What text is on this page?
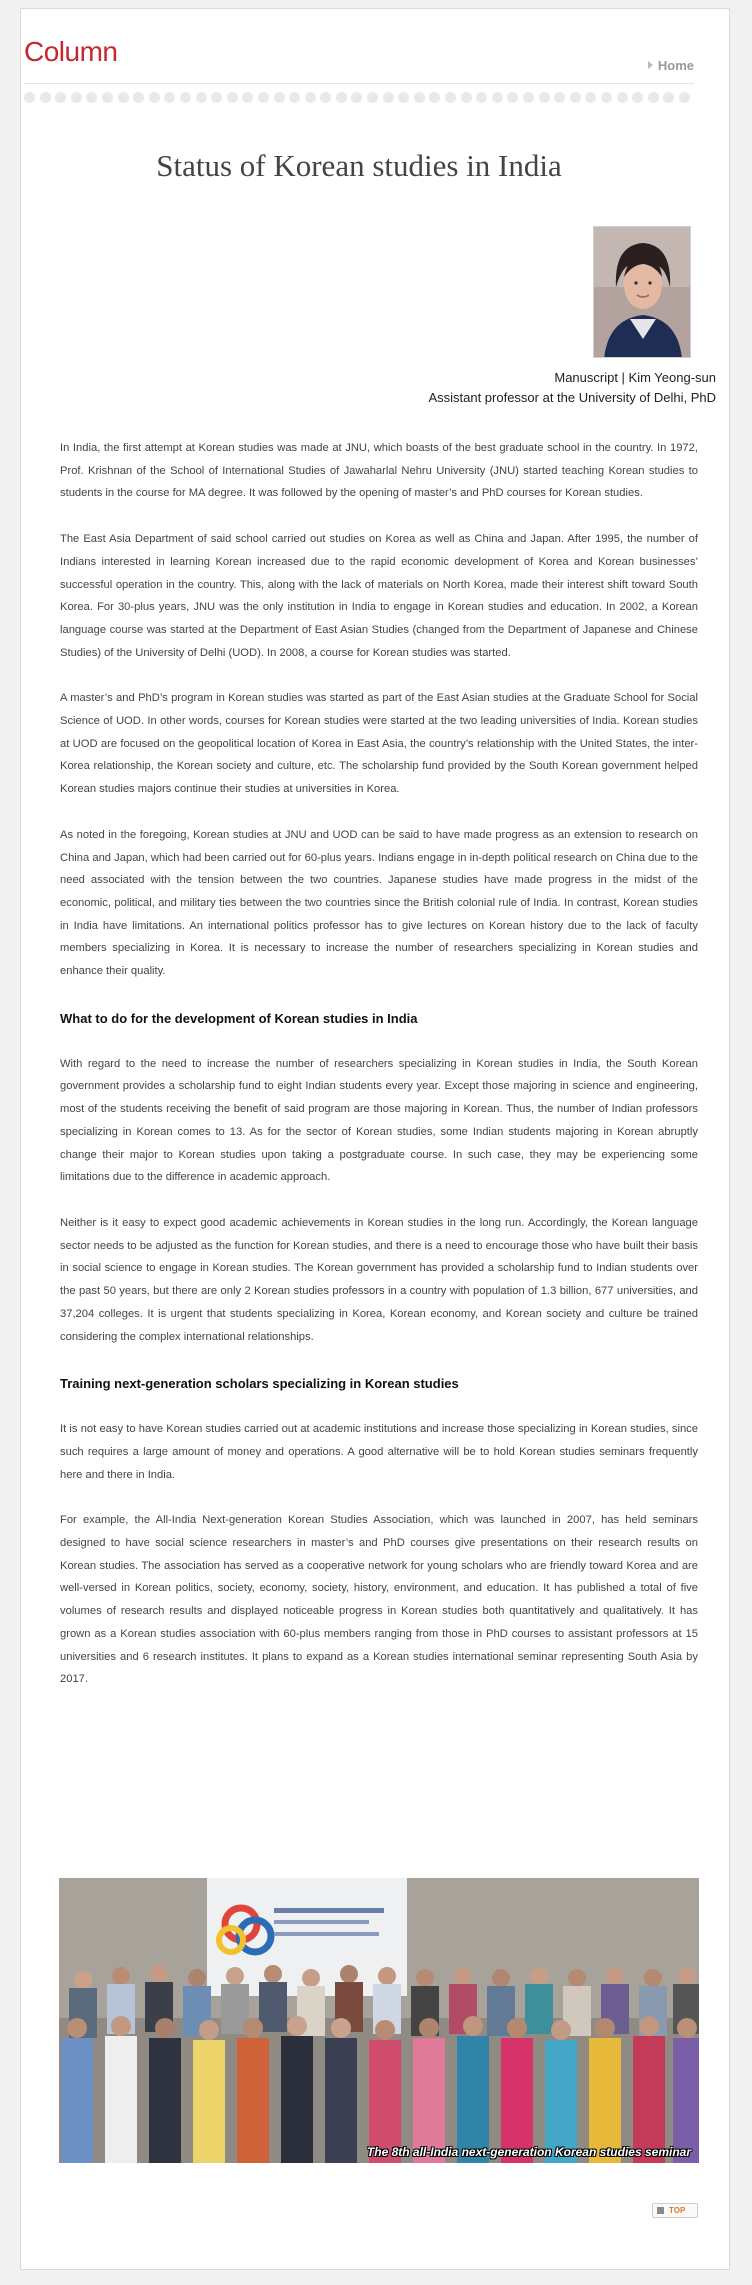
Column	Home
Status of Korean studies in India
Manuscript | Kim Yeong-sun
Assistant professor at the University of Delhi, PhD

In India, the first attempt at Korean studies was made at JNU, which boasts of the best graduate school in the country. In 1972, Prof. Krishnan of the School of International Studies of Jawaharlal Nehru University (JNU) started teaching Korean studies to students in the course for MA degree. It was followed by the opening of master’s and PhD courses for Korean studies.

The East Asia Department of said school carried out studies on Korea as well as China and Japan. After 1995, the number of Indians interested in learning Korean increased due to the rapid economic development of Korea and Korean businesses’ successful operation in the country. This, along with the lack of materials on North Korea, made their interest shift toward South Korea. For 30-plus years, JNU was the only institution in India to engage in Korean studies and education. In 2002, a Korean language course was started at the Department of East Asian Studies (changed from the Department of Japanese and Chinese Studies) of the University of Delhi (UOD). In 2008, a course for Korean studies was started.

A master’s and PhD’s program in Korean studies was started as part of the East Asian studies at the Graduate School for Social Science of UOD. In other words, courses for Korean studies were started at the two leading universities of India. Korean studies at UOD are focused on the geopolitical location of Korea in East Asia, the country’s relationship with the United States, the inter-Korea relationship, the Korean society and culture, etc. The scholarship fund provided by the South Korean government helped Korean studies majors continue their studies at universities in Korea.

As noted in the foregoing, Korean studies at JNU and UOD can be said to have made progress as an extension to research on China and Japan, which had been carried out for 60-plus years. Indians engage in in-depth political research on China due to the need associated with the tension between the two countries. Japanese studies have made progress in the midst of the economic, political, and military ties between the two countries since the British colonial rule of India. In contrast, Korean studies in India have limitations. An international politics professor has to give lectures on Korean history due to the lack of faculty members specializing in Korea. It is necessary to increase the number of researchers specializing in Korean studies and enhance their quality.

What to do for the development of Korean studies in India

With regard to the need to increase the number of researchers specializing in Korean studies in India, the South Korean government provides a scholarship fund to eight Indian students every year. Except those majoring in science and engineering, most of the students receiving the benefit of said program are those majoring in Korean. Thus, the number of Indian professors specializing in Korean comes to 13. As for the sector of Korean studies, some Indian students majoring in Korean abruptly change their major to Korean studies upon taking a postgraduate course. In such case, they may be experiencing some limitations due to the difference in academic approach.

Neither is it easy to expect good academic achievements in Korean studies in the long run. Accordingly, the Korean language sector needs to be adjusted as the function for Korean studies, and there is a need to encourage those who have built their basis in social science to engage in Korean studies. The Korean government has provided a scholarship fund to Indian students over the past 50 years, but there are only 2 Korean studies professors in a country with population of 1.3 billion, 677 universities, and 37,204 colleges. It is urgent that students specializing in Korea, Korean economy, and Korean society and culture be trained considering the complex international relationships.

Training next-generation scholars specializing in Korean studies

It is not easy to have Korean studies carried out at academic institutions and increase those specializing in Korean studies, since such requires a large amount of money and operations. A good alternative will be to hold Korean studies seminars frequently here and there in India.

For example, the All-India Next-generation Korean Studies Association, which was launched in 2007, has held seminars designed to have social science researchers in master’s and PhD courses give presentations on their research results on Korean studies. The association has served as a cooperative network for young scholars who are friendly toward Korea and are well-versed in Korean politics, society, economy, society, history, environment, and education. It has published a total of five volumes of research results and displayed noticeable progress in Korean studies both quantitatively and qualitatively. It has grown as a Korean studies association with 60-plus members ranging from those in PhD courses to assistant professors at 15 universities and 6 research institutes. It plans to expand as a Korean studies international seminar representing South Asia by 2017.

The 8th all-India next-generation Korean studies seminar
TOP
